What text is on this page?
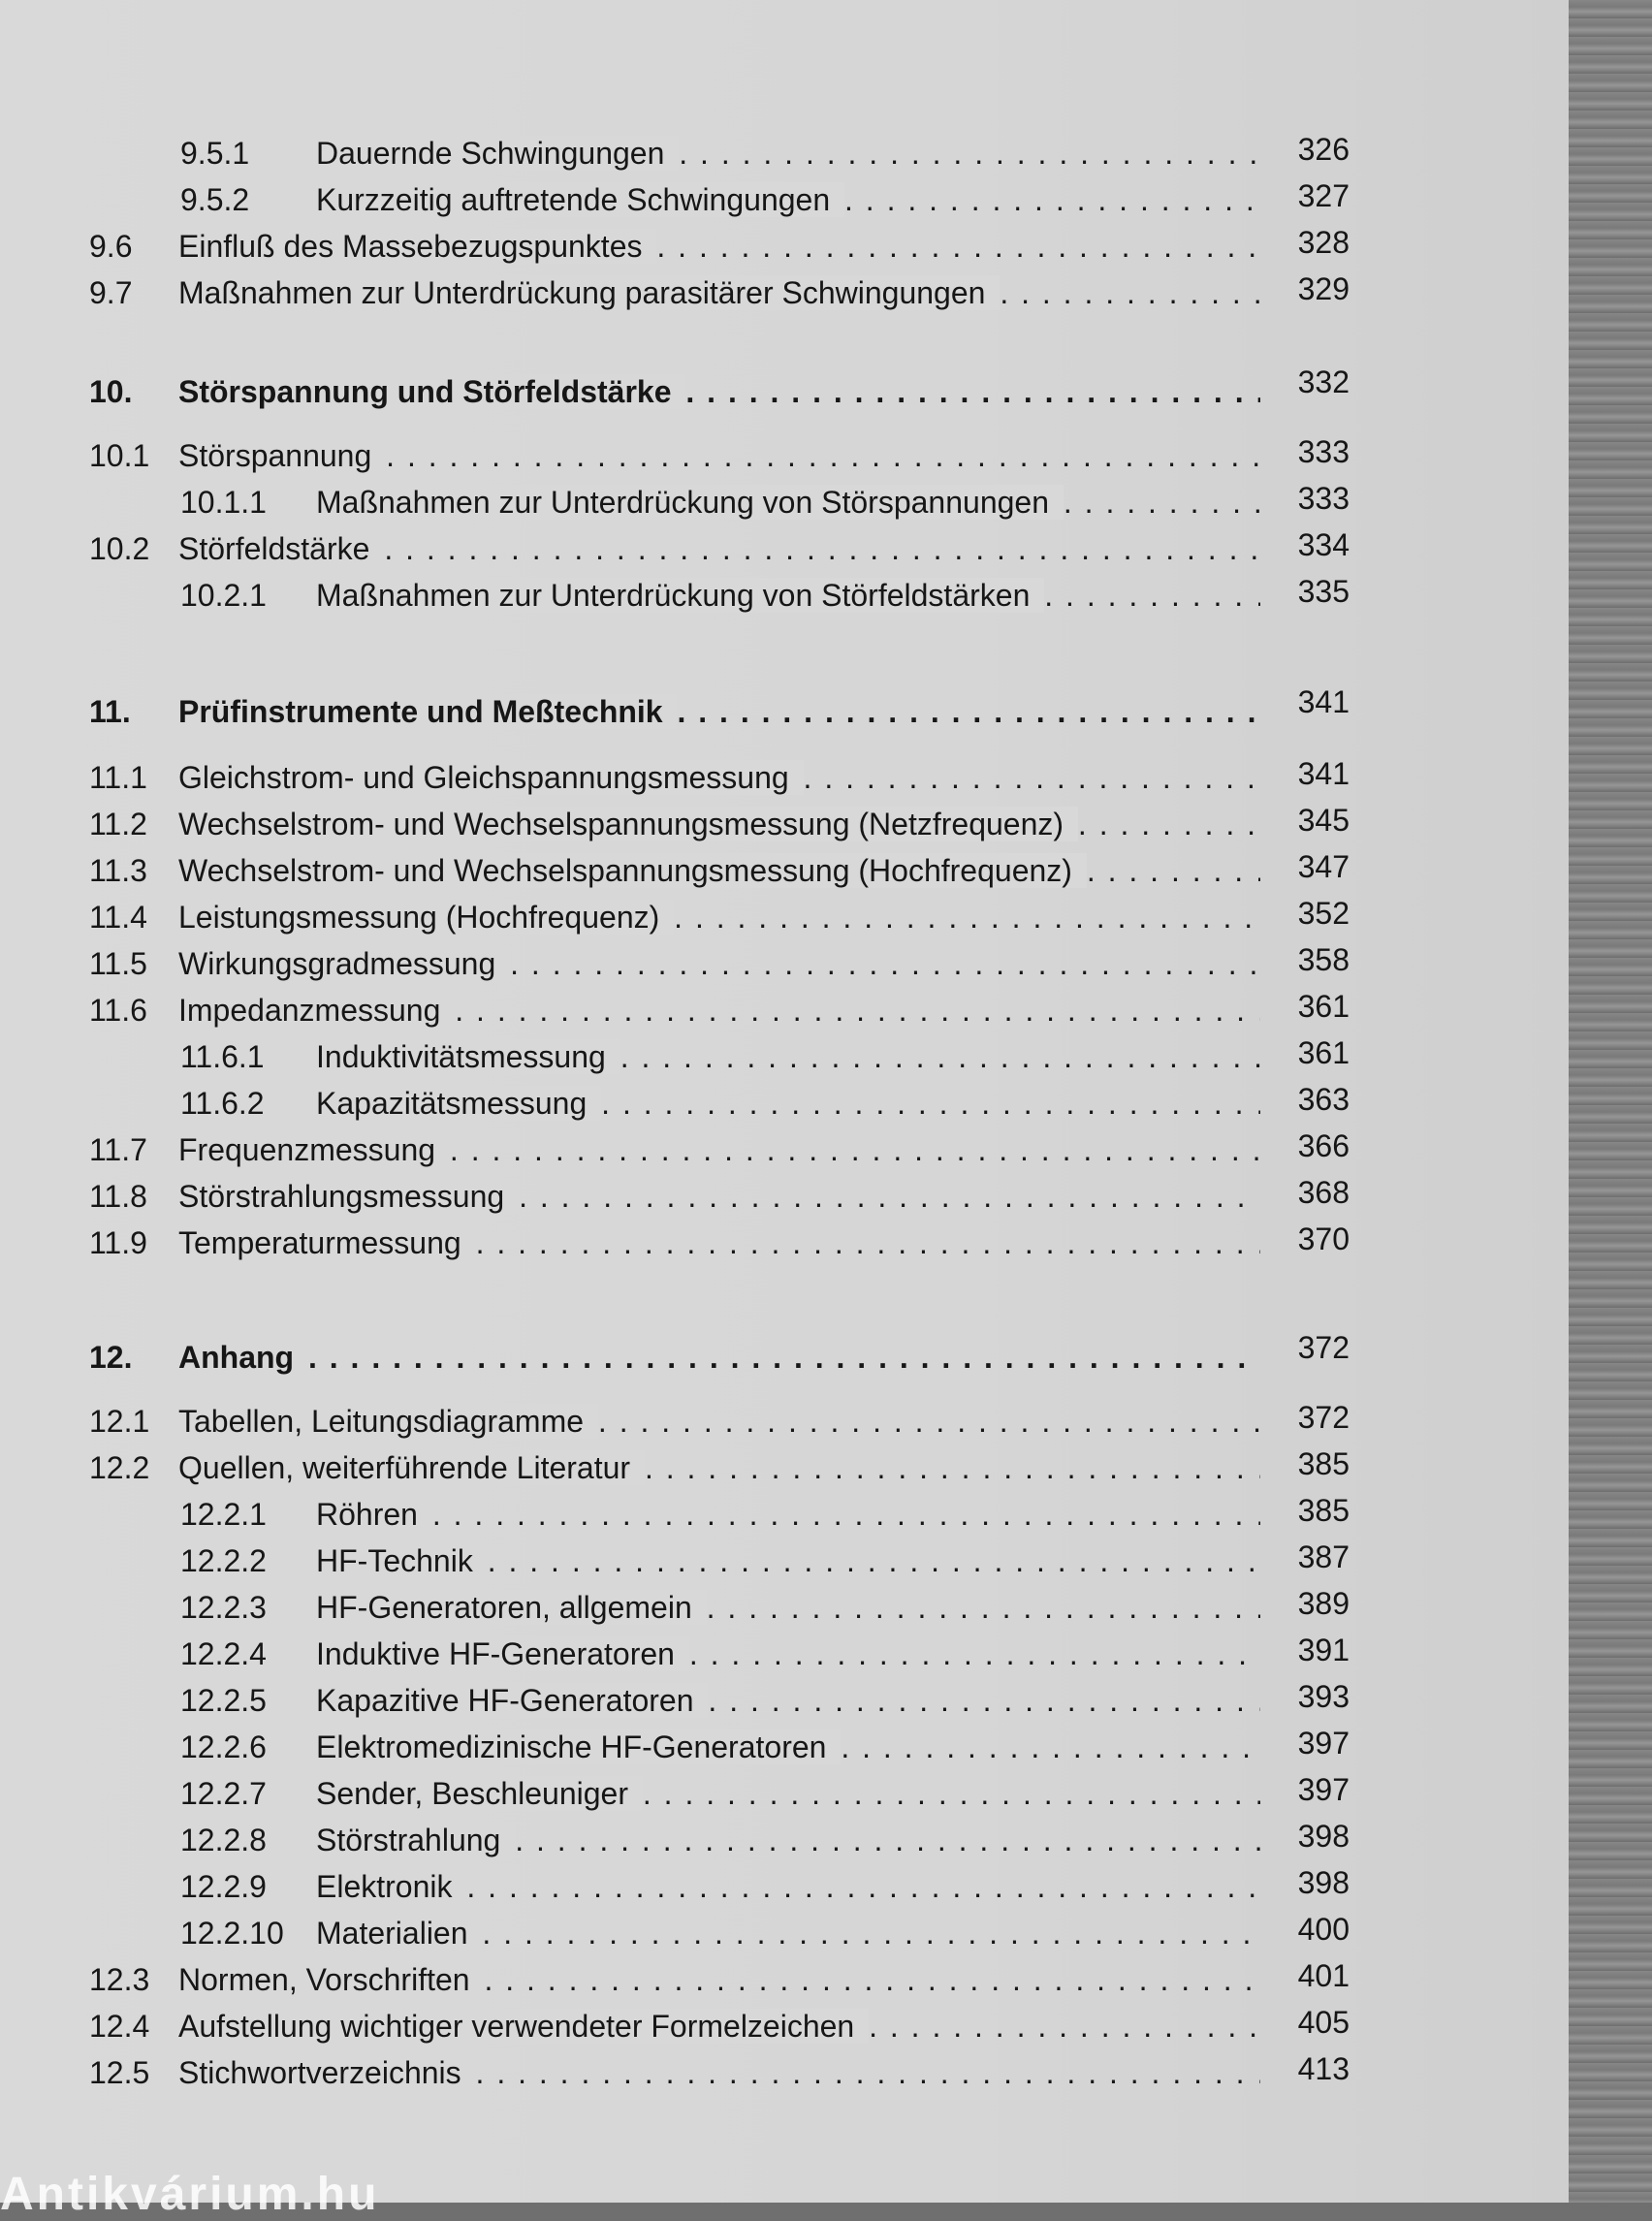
9.5.1 Dauernde Schwingungen . . .	326
9.5.2 Kurzzeitig auftretende Schwingungen . . .	327
9.6 Einfluß des Massebezugspunktes . . .	328
9.7 Maßnahmen zur Unterdrückung parasitärer Schwingungen . . .	329
10. Störspannung und Störfeldstärke . . .	332
10.1 Störspannung . . .	333
10.1.1 Maßnahmen zur Unterdrückung von Störspannungen . . .	333
10.2 Störfeldstärke . . .	334
10.2.1 Maßnahmen zur Unterdrückung von Störfeldstärken . . .	335
11. Prüfinstrumente und Meßtechnik . . .	341
11.1 Gleichstrom- und Gleichspannungsmessung . . .	341
11.2 Wechselstrom- und Wechselspannungsmessung (Netzfrequenz) . . .	345
11.3 Wechselstrom- und Wechselspannungsmessung (Hochfrequenz) . . .	347
11.4 Leistungsmessung (Hochfrequenz) . . .	352
11.5 Wirkungsgradmessung . . .	358
11.6 Impedanzmessung . . .	361
11.6.1 Induktivitätsmessung . . .	361
11.6.2 Kapazitätsmessung . . .	363
11.7 Frequenzmessung . . .	366
11.8 Störstrahlungsmessung . . .	368
11.9 Temperaturmessung . . .	370
12. Anhang . . .	372
12.1 Tabellen, Leitungsdiagramme . . .	372
12.2 Quellen, weiterführende Literatur . . .	385
12.2.1 Röhren . . .	385
12.2.2 HF-Technik . . .	387
12.2.3 HF-Generatoren, allgemein . . .	389
12.2.4 Induktive HF-Generatoren . . .	391
12.2.5 Kapazitive HF-Generatoren . . .	393
12.2.6 Elektromedizinische HF-Generatoren . . .	397
12.2.7 Sender, Beschleuniger . . .	397
12.2.8 Störstrahlung . . .	398
12.2.9 Elektronik . . .	398
12.2.10 Materialien . . .	400
12.3 Normen, Vorschriften . . .	401
12.4 Aufstellung wichtiger verwendeter Formelzeichen . . .	405
12.5 Stichwortverzeichnis . . .	413
Antikvárium.hu
